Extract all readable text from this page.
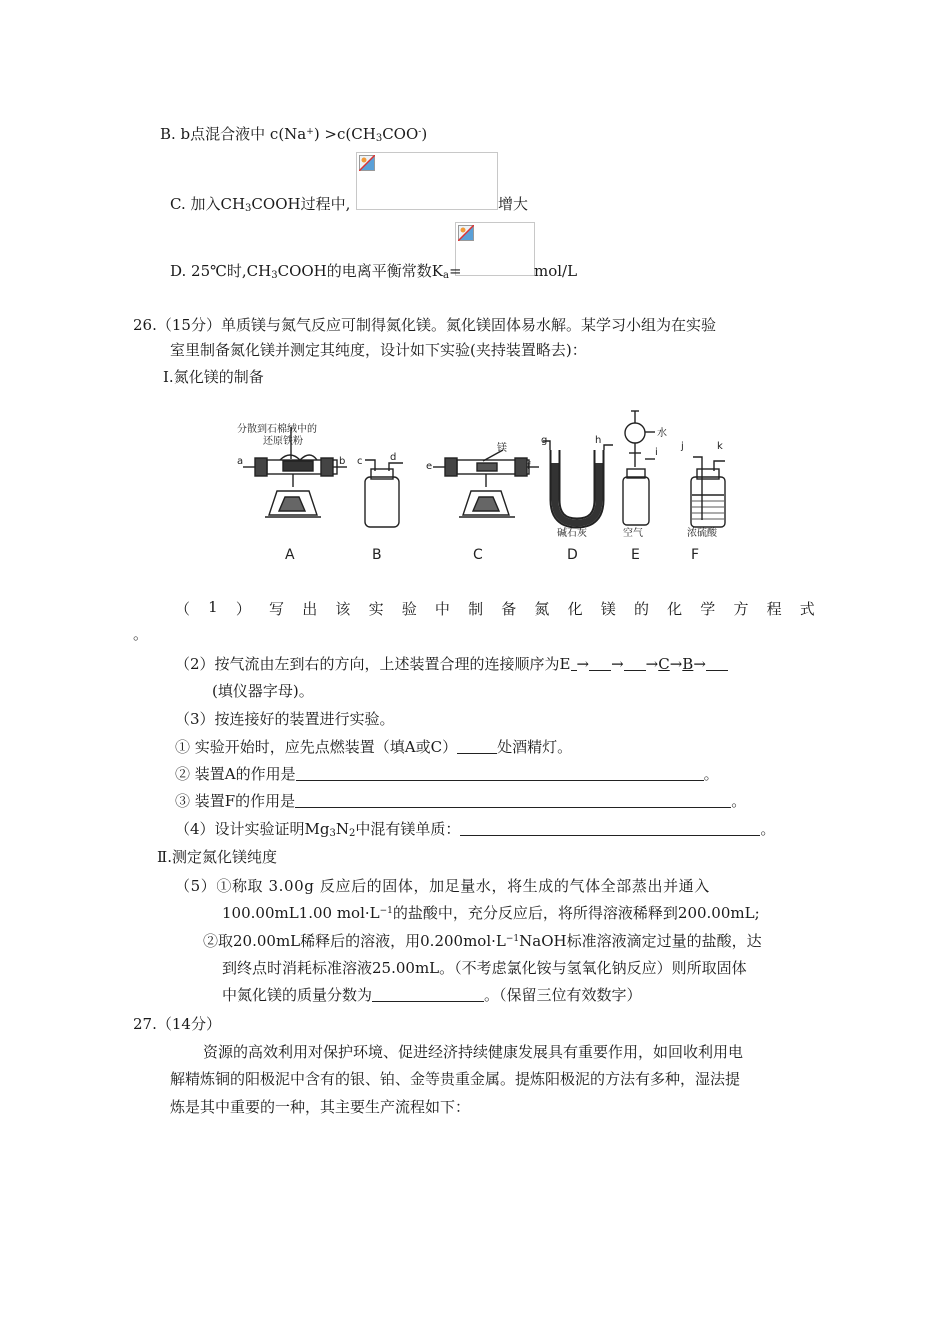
B. b点混合液中 $c(Na^+) >c(CH_3COO^-)$
C. 加入$CH_3COOH$过程中,	增大
D. 25℃时$,CH_3COOH$的电离平衡常数$K_a=$	mol/L
26.（15分）单质镁与氮气反应可制得氮化镁。氮化镁固体易水解。某学习小组为在实验
室里制备氮化镁并测定其纯度，设计如下实验(夹持装置略去)：
Ⅰ.氮化镁的制备
分散到石棉绒中的
还原铁粉
镁
水
碱石灰	空气	浓硫酸
a	b c	d
e	f
g	h
i
j	k
A	B	C	D	E	F
（ 1 ） 写 出 该 实 验 中 制 备 氮 化 镁 的 化 学 方 程 式
。
（2）按气流由左到右的方向，上述装置合理的连接顺序为E → → →C→B→
(填仪器字母)。
（3）按连接好的装置进行实验。
① 实验开始时，应先点燃装置（填A或C）	处酒精灯。
② 装置A的作用是	。
③ 装置F的作用是	。
（4）设计实验证明$Mg_3N_2$中混有镁单质：	。
Ⅱ.测定氮化镁纯度
（5）①称取 3.00g 反应后的固体，加足量水，将生成的气体全部蒸出并通入
100.00mL1.00 $mol\cdot L^{-1}$的盐酸中，充分反应后，将所得溶液稀释到200.00mL;
②取20.00mL稀释后的溶液，用$0.200mol\cdot L^{-1}NaOH$标准溶液滴定过量的盐酸，达
到终点时消耗标准溶液25.00mL。（不考虑氯化铵与氢氧化钠反应）则所取固体
中氮化镁的质量分数为	。（保留三位有效数字）
27.（14分）
资源的高效利用对保护环境、促进经济持续健康发展具有重要作用，如回收利用电
解精炼铜的阳极泥中含有的银、铂、金等贵重金属。提炼阳极泥的方法有多种，湿法提
炼是其中重要的一种，其主要生产流程如下：
